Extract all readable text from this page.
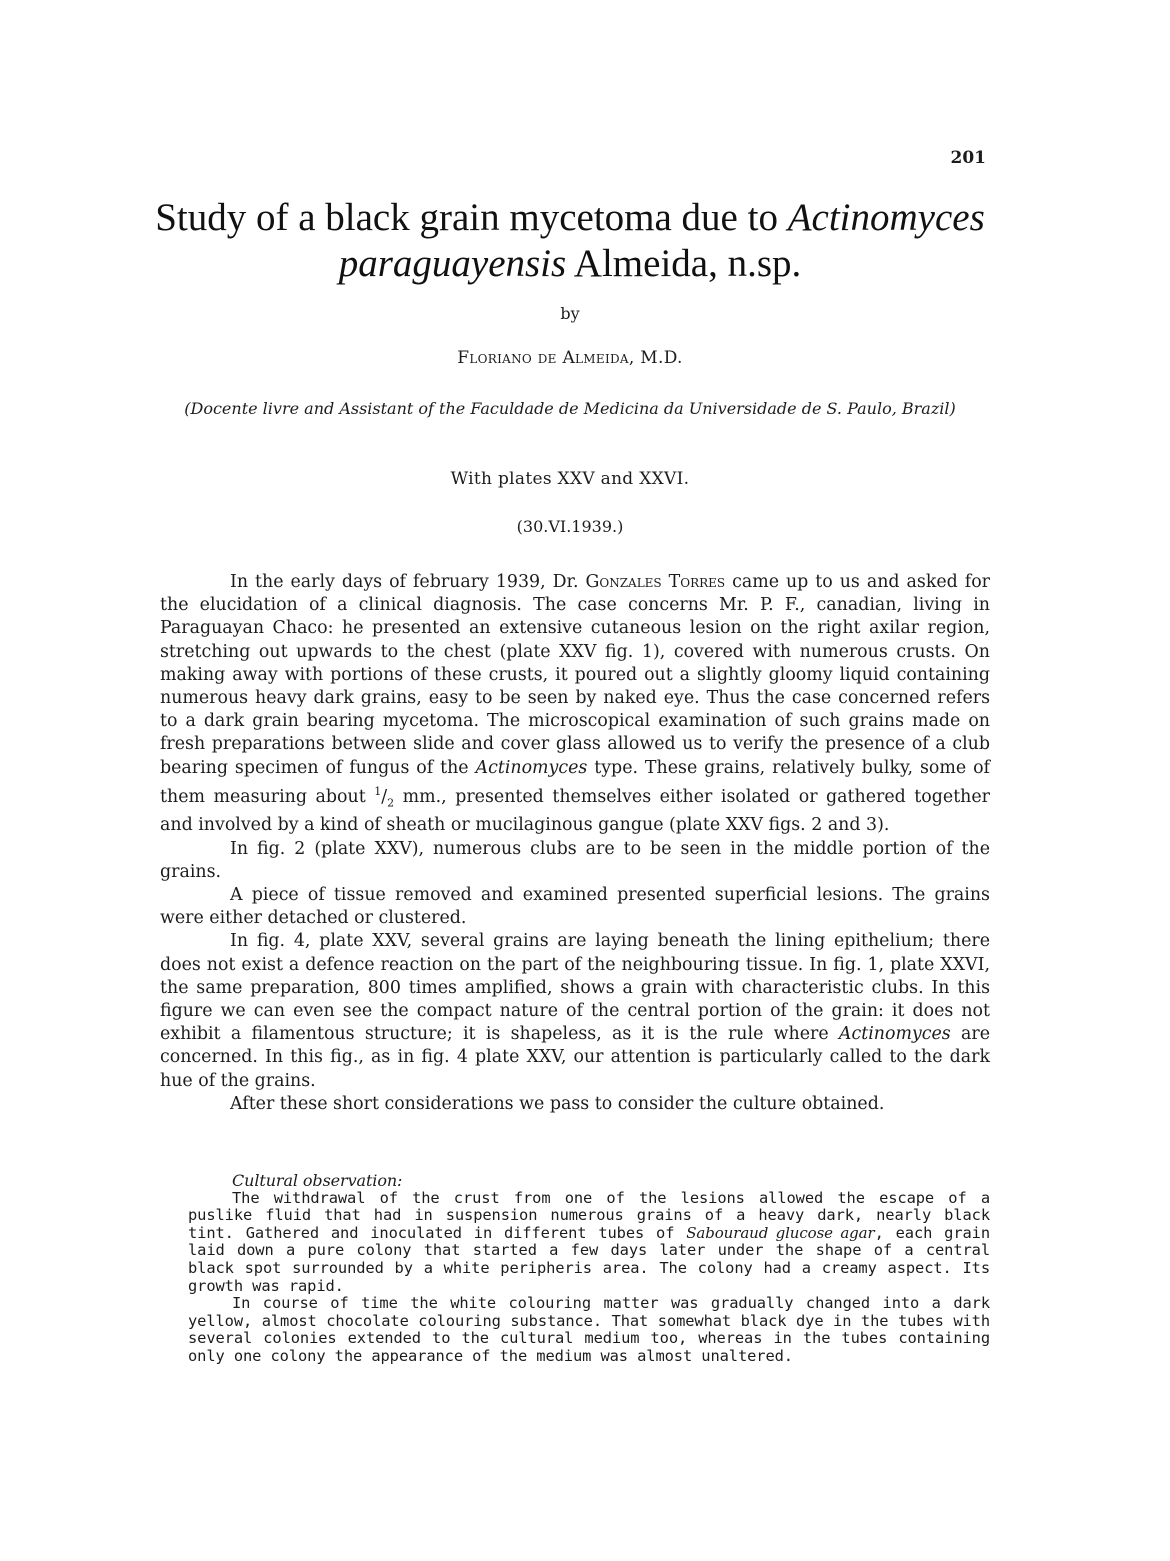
201
Study of a black grain mycetoma due to Actinomyces
paraguayensis Almeida, n.sp.
by
Floriano de Almeida, M.D.
(Docente livre and Assistant of the Faculdade de Medicina da Universidade de S. Paulo, Brazil)
With plates XXV and XXVI.
(30.VI.1939.)

In the early days of february 1939, Dr. Gonzales Torres came up to us and asked for the elucidation of a clinical diagnosis. The case concerns Mr. P. F., canadian, living in Paraguayan Chaco: he presented an extensive cutaneous lesion on the right axilar region, stretching out upwards to the chest (plate XXV fig. 1), covered with numerous crusts. On making away with portions of these crusts, it poured out a slightly gloomy liquid containing numerous heavy dark grains, easy to be seen by naked eye. Thus the case concerned refers to a dark grain bearing mycetoma. The microscopical examination of such grains made on fresh preparations between slide and cover glass allowed us to verify the presence of a club bearing specimen of fungus of the Actinomyces type. These grains, relatively bulky, some of them measuring about $^1/_2$ mm., presented themselves either isolated or gathered together and involved by a kind of sheath or mucilaginous gangue (plate XXV figs. 2 and 3).

In fig. 2 (plate XXV), numerous clubs are to be seen in the middle portion of the grains.

A piece of tissue removed and examined presented superficial lesions. The grains were either detached or clustered.

In fig. 4, plate XXV, several grains are laying beneath the lining epithelium; there does not exist a defence reaction on the part of the neighbouring tissue. In fig. 1, plate XXVI, the same preparation, 800 times amplified, shows a grain with characteristic clubs. In this figure we can even see the compact nature of the central portion of the grain: it does not exhibit a filamentous structure; it is shapeless, as it is the rule where Actinomyces are concerned. In this fig., as in fig. 4 plate XXV, our attention is particularly called to the dark hue of the grains.

After these short considerations we pass to consider the culture obtained.

Cultural observation:

The withdrawal of the crust from one of the lesions allowed the escape of a puslike fluid that had in suspension numerous grains of a heavy dark, nearly black tint. Gathered and inoculated in different tubes of Sabouraud glucose agar, each grain laid down a pure colony that started a few days later under the shape of a central black spot surrounded by a white peripheris area. The colony had a creamy aspect. Its growth was rapid.

In course of time the white colouring matter was gradually changed into a dark yellow, almost chocolate colouring substance. That somewhat black dye in the tubes with several colonies extended to the cultural medium too, whereas in the tubes containing only one colony the appearance of the medium was almost unaltered.
